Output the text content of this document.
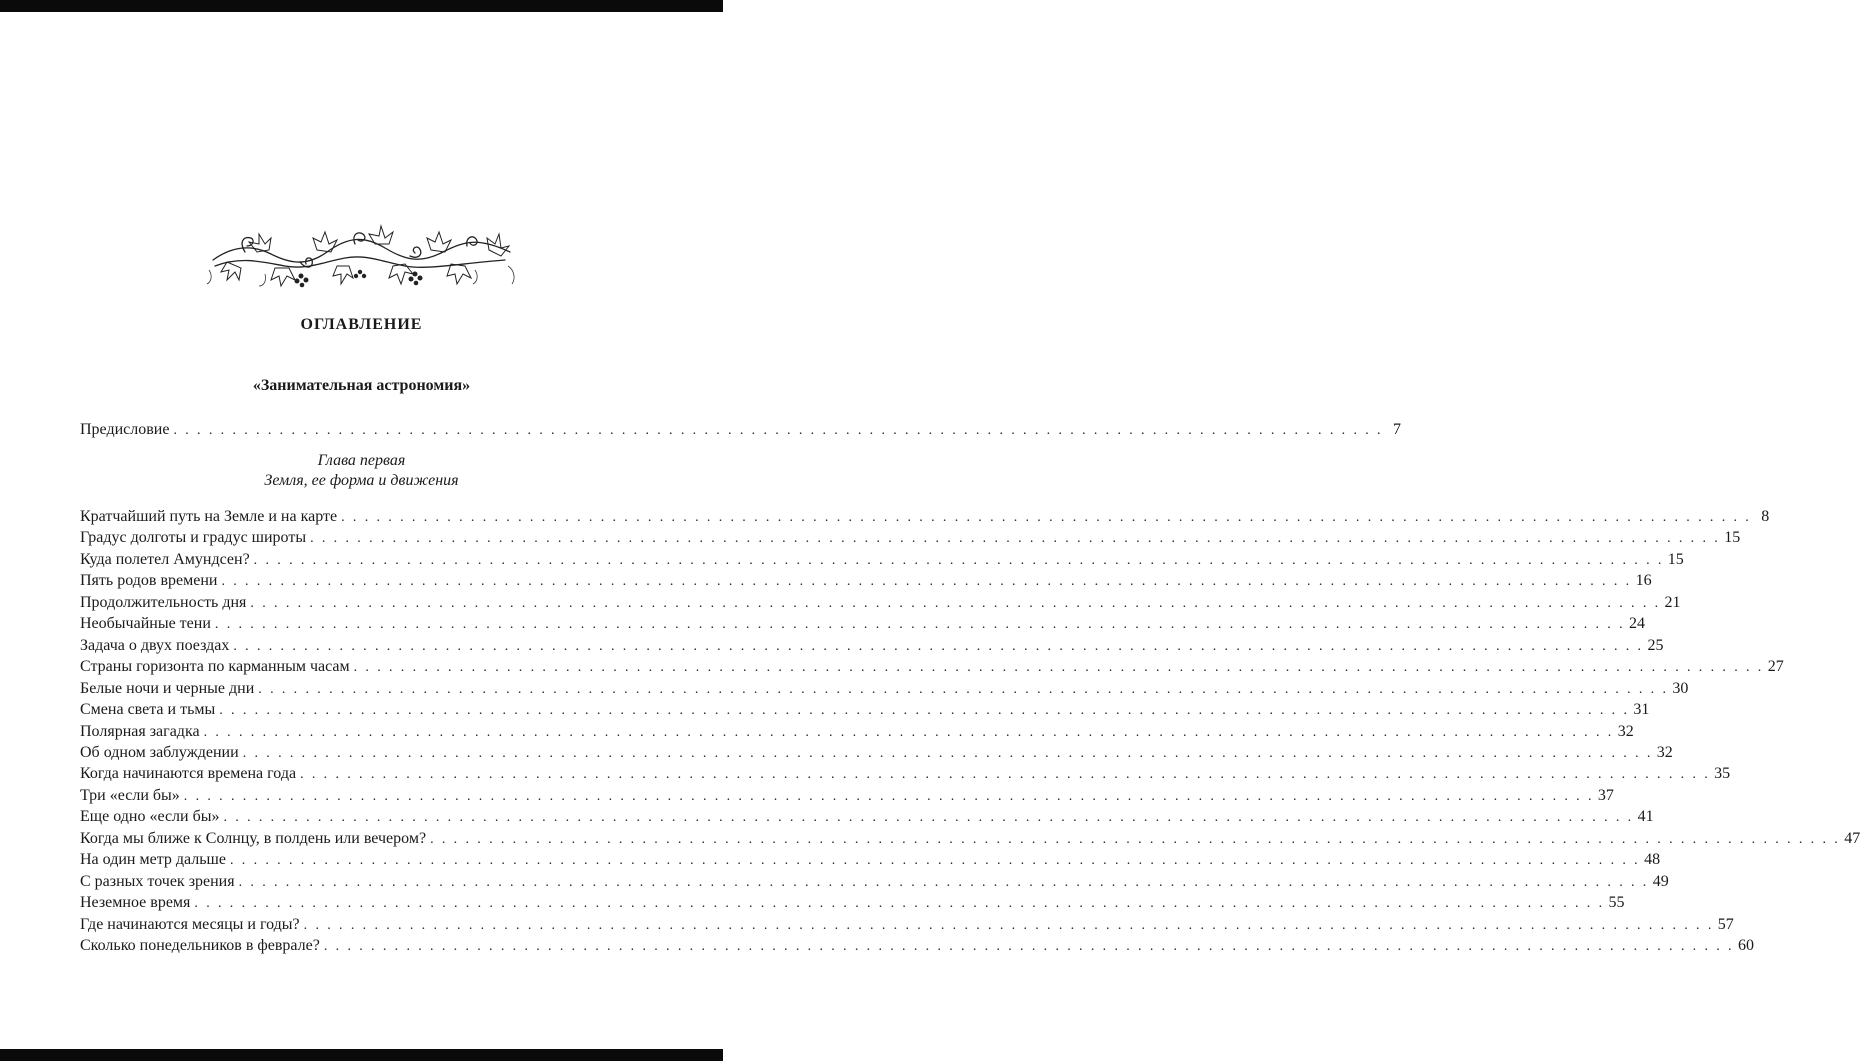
ОГЛАВЛЕНИЕ
«Занимательная астрономия»
Предисловие . . . . . . . . . . . . . . . . . . . . . . . . . . . . . . . . . . . . . . . . . . . . . . . . . . . . . . . . . . . . . . . . . . . . . . . . . . . . . . . . . . . . . . . . . . . . . . . . . . . . . . . 7
Глава первая
Земля, ее форма и движения
Кратчайший путь на Земле и на карте . . . . . . . . . . . . . . . . . . . . . . . . . . . . . . . . . . . . . . . . . . . . . . . . . . . . . . . . . . . . . . . . . . . . . . . . . . . . . . . . . . . . . . . . . . . . . . . . . . . . . . . . . . . . . . . . . . . . . . . . 8
Градус долготы и градус широты . . . . . . . . . . . . . . . . . . . . . . . . . . . . . . . . . . . . . . . . . . . . . . . . . . . . . . . . . . . . . . . . . . . . . . . . . . . . . . . . . . . . . . . . . . . . . . . . . . . . . . . . . . . . . . . . . . . . . . . . 15
Куда полетел Амундсен? . . . . . . . . . . . . . . . . . . . . . . . . . . . . . . . . . . . . . . . . . . . . . . . . . . . . . . . . . . . . . . . . . . . . . . . . . . . . . . . . . . . . . . . . . . . . . . . . . . . . . . . . . . . . . . . . . . . . . . . . 15
Пять родов времени . . . . . . . . . . . . . . . . . . . . . . . . . . . . . . . . . . . . . . . . . . . . . . . . . . . . . . . . . . . . . . . . . . . . . . . . . . . . . . . . . . . . . . . . . . . . . . . . . . . . . . . . . . . . . . . . . . . . . . . . 16
Продолжительность дня . . . . . . . . . . . . . . . . . . . . . . . . . . . . . . . . . . . . . . . . . . . . . . . . . . . . . . . . . . . . . . . . . . . . . . . . . . . . . . . . . . . . . . . . . . . . . . . . . . . . . . . . . . . . . . . . . . . . . . . . 21
Необычайные тени . . . . . . . . . . . . . . . . . . . . . . . . . . . . . . . . . . . . . . . . . . . . . . . . . . . . . . . . . . . . . . . . . . . . . . . . . . . . . . . . . . . . . . . . . . . . . . . . . . . . . . . . . . . . . . . . . . . . . . . . 24
Задача о двух поездах . . . . . . . . . . . . . . . . . . . . . . . . . . . . . . . . . . . . . . . . . . . . . . . . . . . . . . . . . . . . . . . . . . . . . . . . . . . . . . . . . . . . . . . . . . . . . . . . . . . . . . . . . . . . . . . . . . . . . . . . 25
Страны горизонта по карманным часам . . . . . . . . . . . . . . . . . . . . . . . . . . . . . . . . . . . . . . . . . . . . . . . . . . . . . . . . . . . . . . . . . . . . . . . . . . . . . . . . . . . . . . . . . . . . . . . . . . . . . . . . . . . . . . . . . . . . . . . . 27
Белые ночи и черные дни . . . . . . . . . . . . . . . . . . . . . . . . . . . . . . . . . . . . . . . . . . . . . . . . . . . . . . . . . . . . . . . . . . . . . . . . . . . . . . . . . . . . . . . . . . . . . . . . . . . . . . . . . . . . . . . . . . . . . . . . 30
Смена света и тьмы . . . . . . . . . . . . . . . . . . . . . . . . . . . . . . . . . . . . . . . . . . . . . . . . . . . . . . . . . . . . . . . . . . . . . . . . . . . . . . . . . . . . . . . . . . . . . . . . . . . . . . . . . . . . . . . . . . . . . . . . 31
Полярная загадка . . . . . . . . . . . . . . . . . . . . . . . . . . . . . . . . . . . . . . . . . . . . . . . . . . . . . . . . . . . . . . . . . . . . . . . . . . . . . . . . . . . . . . . . . . . . . . . . . . . . . . . . . . . . . . . . . . . . . . . . 32
Об одном заблуждении . . . . . . . . . . . . . . . . . . . . . . . . . . . . . . . . . . . . . . . . . . . . . . . . . . . . . . . . . . . . . . . . . . . . . . . . . . . . . . . . . . . . . . . . . . . . . . . . . . . . . . . . . . . . . . . . . . . . . . . . 32
Когда начинаются времена года . . . . . . . . . . . . . . . . . . . . . . . . . . . . . . . . . . . . . . . . . . . . . . . . . . . . . . . . . . . . . . . . . . . . . . . . . . . . . . . . . . . . . . . . . . . . . . . . . . . . . . . . . . . . . . . . . . . . . . . . 35
Три «если бы» . . . . . . . . . . . . . . . . . . . . . . . . . . . . . . . . . . . . . . . . . . . . . . . . . . . . . . . . . . . . . . . . . . . . . . . . . . . . . . . . . . . . . . . . . . . . . . . . . . . . . . . . . . . . . . . . . . . . . . . . 37
Еще одно «если бы» . . . . . . . . . . . . . . . . . . . . . . . . . . . . . . . . . . . . . . . . . . . . . . . . . . . . . . . . . . . . . . . . . . . . . . . . . . . . . . . . . . . . . . . . . . . . . . . . . . . . . . . . . . . . . . . . . . . . . . . . 41
Когда мы ближе к Солнцу, в полдень или вечером? . . . . . . . . . . . . . . . . . . . . . . . . . . . . . . . . . . . . . . . . . . . . . . . . . . . . . . . . . . . . . . . . . . . . . . . . . . . . . . . . . . . . . . . . . . . . . . . . . . . . . . . . . . . . . . . . . . . . . . . . 47
На один метр дальше . . . . . . . . . . . . . . . . . . . . . . . . . . . . . . . . . . . . . . . . . . . . . . . . . . . . . . . . . . . . . . . . . . . . . . . . . . . . . . . . . . . . . . . . . . . . . . . . . . . . . . . . . . . . . . . . . . . . . . . . 48
С разных точек зрения . . . . . . . . . . . . . . . . . . . . . . . . . . . . . . . . . . . . . . . . . . . . . . . . . . . . . . . . . . . . . . . . . . . . . . . . . . . . . . . . . . . . . . . . . . . . . . . . . . . . . . . . . . . . . . . . . . . . . . . . 49
Неземное время . . . . . . . . . . . . . . . . . . . . . . . . . . . . . . . . . . . . . . . . . . . . . . . . . . . . . . . . . . . . . . . . . . . . . . . . . . . . . . . . . . . . . . . . . . . . . . . . . . . . . . . . . . . . . . . . . . . . . . . . 55
Где начинаются месяцы и годы? . . . . . . . . . . . . . . . . . . . . . . . . . . . . . . . . . . . . . . . . . . . . . . . . . . . . . . . . . . . . . . . . . . . . . . . . . . . . . . . . . . . . . . . . . . . . . . . . . . . . . . . . . . . . . . . . . . . . . . . . 57
Сколько понедельников в феврале? . . . . . . . . . . . . . . . . . . . . . . . . . . . . . . . . . . . . . . . . . . . . . . . . . . . . . . . . . . . . . . . . . . . . . . . . . . . . . . . . . . . . . . . . . . . . . . . . . . . . . . . . . . . . . . . . . . . . . . . . 60
